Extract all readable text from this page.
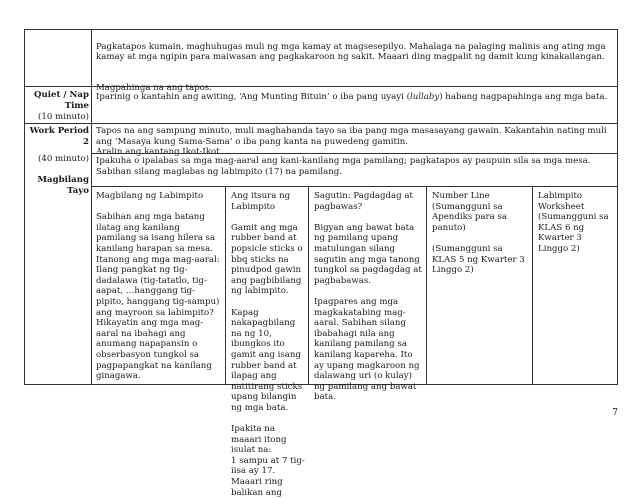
Pagkatapos kumain, maghuhugas muli ng mga kamay at magsesepilyo. Mahalaga na palaging malinis ang ating mga kamay at mga ngipin para maiwasan ang pagkakaroon ng sakit. Maaari ding magpalit ng damit kung kinakailangan.

Magpahinga na ang tapos.

Quiet / Nap Time
(10 minuto)
Iparinig o kantahin ang awiting, ‘Ang Munting Bituin’ o iba pang uyayi (lullaby) habang nagpapahinga ang mga bata.
Work Period 2
(40 minuto)
Tapos na ang sampung minuto, muli maghahanda tayo sa iba pang mga masasayang gawain. Kakantahin nating muli ang ‘Masaya kung Sama-Sama’ o iba pang kanta na puwedeng gamitin.
Aralin ang kantang Ikot-Ikot
Magbilang Tayo
Ipakuha o ipalabas sa mga mag-aaral ang kani-kanilang mga pamilang; pagkatapos ay paupuin sila sa mga mesa. Sabihan silang maglabas ng labimpito (17) na pamilang.
Magbilang ng Labimpito

Sabihan ang mga batang ilatag ang kanilang pamilang sa isang hilera sa kanilang harapan sa mesa.
Itanong ang mga mag-aaral: Ilang pangkat ng tig-dadalawa (tig-tatatlo, tig-aapat, …hanggang tig-pipito, hanggang tig-sampu) ang mayroon sa labimpito? Hikayatin ang mga mag-aaral na ibahagi ang anumang napapansin o obserbasyon tungkol sa pagpapangkat na kanilang ginagawa.
Ang itsura ng Labimpito

Gamit ang mga rubber band at popsicle sticks o bbq sticks na pinudpod gawin ang pagbibilang ng labimpito.

Kapag nakapagbilang na ng 10, ibungkos ito gamit ang isang rubber band at ilapag ang natitirang sticks upang bilangin ng mga bata.

Ipakita na maaari itong isulat na:
1 sampu at 7 tig-iisa ay 17.
Maaari ring balikan ang
Sagutin: Pagdagdag at pagbawas?

Bigyan ang bawat bata ng pamilang upang matulungan silang sagutin ang mga tanong tungkol sa pagdagdag at pagbabawas.

Ipagpares ang mga magkakatabing mag-aaral. Sabihan silang ibabahagi nila ang kanilang pamilang sa kanilang kapareha. Ito ay upang magkaroon ng dalawang uri (o kulay) ng pamilang ang bawat bata.
Number Line
(Sumangguni sa Apendiks para sa panuto)

(Sumangguni sa KLAS 5 ng Kwarter 3 Linggo 2)
Labimpito Worksheet
(Sumangguni sa KLAS 6 ng Kwarter 3 Linggo 2)
7
